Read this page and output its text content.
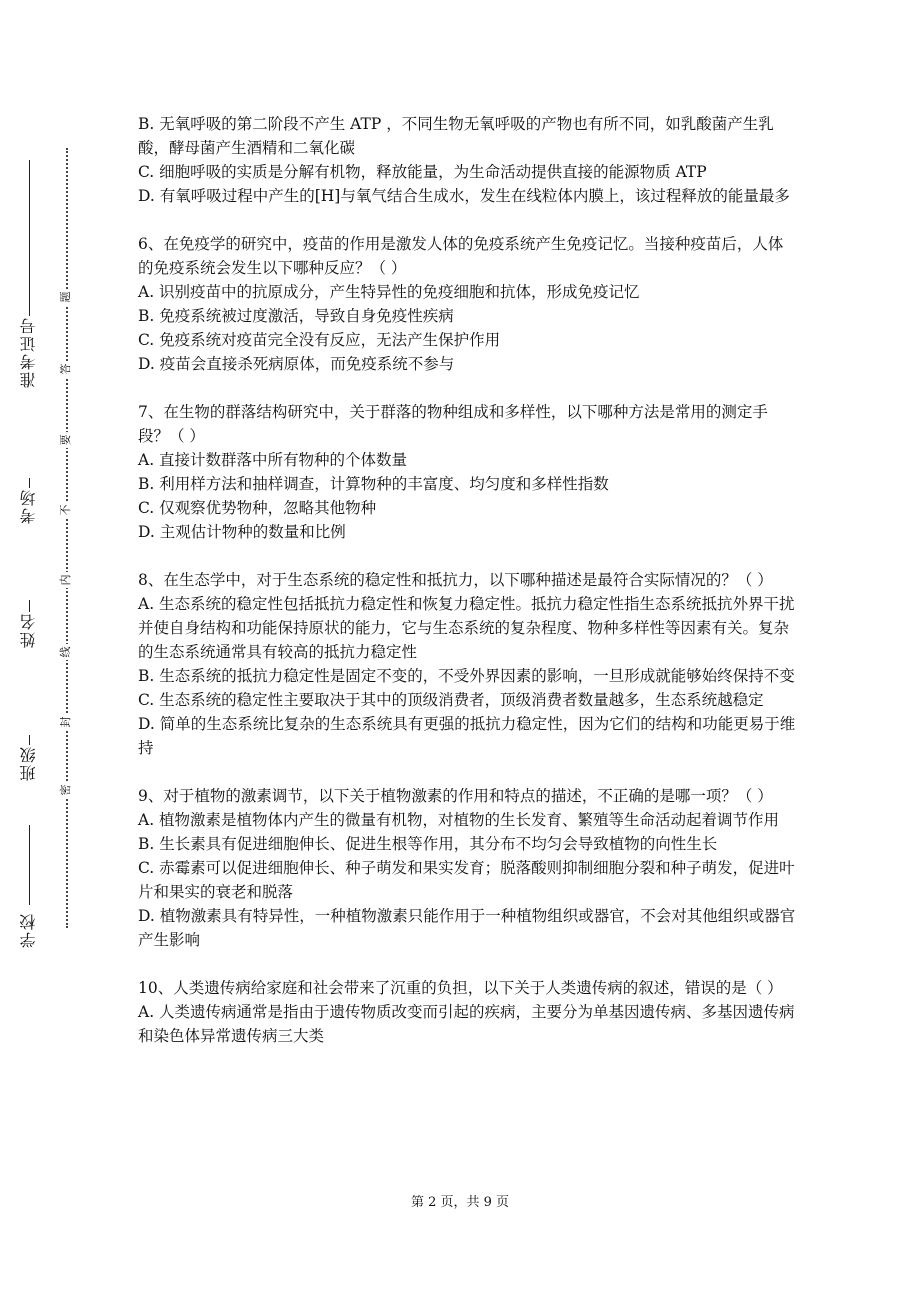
学校
班级
姓名
考场
准考证号
题
答
要
不
内
线
封
密

B. 无氧呼吸的第二阶段不产生 ATP ，不同生物无氧呼吸的产物也有所不同，如乳酸菌产生乳酸，酵母菌产生酒精和二氧化碳

C. 细胞呼吸的实质是分解有机物，释放能量，为生命活动提供直接的能源物质 ATP

D. 有氧呼吸过程中产生的[H]与氧气结合生成水，发生在线粒体内膜上，该过程释放的能量最多

6、在免疫学的研究中，疫苗的作用是激发人体的免疫系统产生免疫记忆。当接种疫苗后，人体的免疫系统会发生以下哪种反应？（ ）

A. 识别疫苗中的抗原成分，产生特异性的免疫细胞和抗体，形成免疫记忆

B. 免疫系统被过度激活，导致自身免疫性疾病

C. 免疫系统对疫苗完全没有反应，无法产生保护作用

D. 疫苗会直接杀死病原体，而免疫系统不参与

7、在生物的群落结构研究中，关于群落的物种组成和多样性，以下哪种方法是常用的测定手段？（ ）

A. 直接计数群落中所有物种的个体数量

B. 利用样方法和抽样调查，计算物种的丰富度、均匀度和多样性指数

C. 仅观察优势物种，忽略其他物种

D. 主观估计物种的数量和比例

8、在生态学中，对于生态系统的稳定性和抵抗力，以下哪种描述是最符合实际情况的？（ ）

A. 生态系统的稳定性包括抵抗力稳定性和恢复力稳定性。抵抗力稳定性指生态系统抵抗外界干扰并使自身结构和功能保持原状的能力，它与生态系统的复杂程度、物种多样性等因素有关。复杂的生态系统通常具有较高的抵抗力稳定性

B. 生态系统的抵抗力稳定性是固定不变的，不受外界因素的影响，一旦形成就能够始终保持不变

C. 生态系统的稳定性主要取决于其中的顶级消费者，顶级消费者数量越多，生态系统越稳定

D. 简单的生态系统比复杂的生态系统具有更强的抵抗力稳定性，因为它们的结构和功能更易于维持

9、对于植物的激素调节，以下关于植物激素的作用和特点的描述，不正确的是哪一项？（ ）

A. 植物激素是植物体内产生的微量有机物，对植物的生长发育、繁殖等生命活动起着调节作用

B. 生长素具有促进细胞伸长、促进生根等作用，其分布不均匀会导致植物的向性生长

C. 赤霉素可以促进细胞伸长、种子萌发和果实发育；脱落酸则抑制细胞分裂和种子萌发，促进叶片和果实的衰老和脱落

D. 植物激素具有特异性，一种植物激素只能作用于一种植物组织或器官，不会对其他组织或器官产生影响

10、人类遗传病给家庭和社会带来了沉重的负担，以下关于人类遗传病的叙述，错误的是（ ）

A. 人类遗传病通常是指由于遗传物质改变而引起的疾病，主要分为单基因遗传病、多基因遗传病和染色体异常遗传病三大类

第 2 页，共 9 页
